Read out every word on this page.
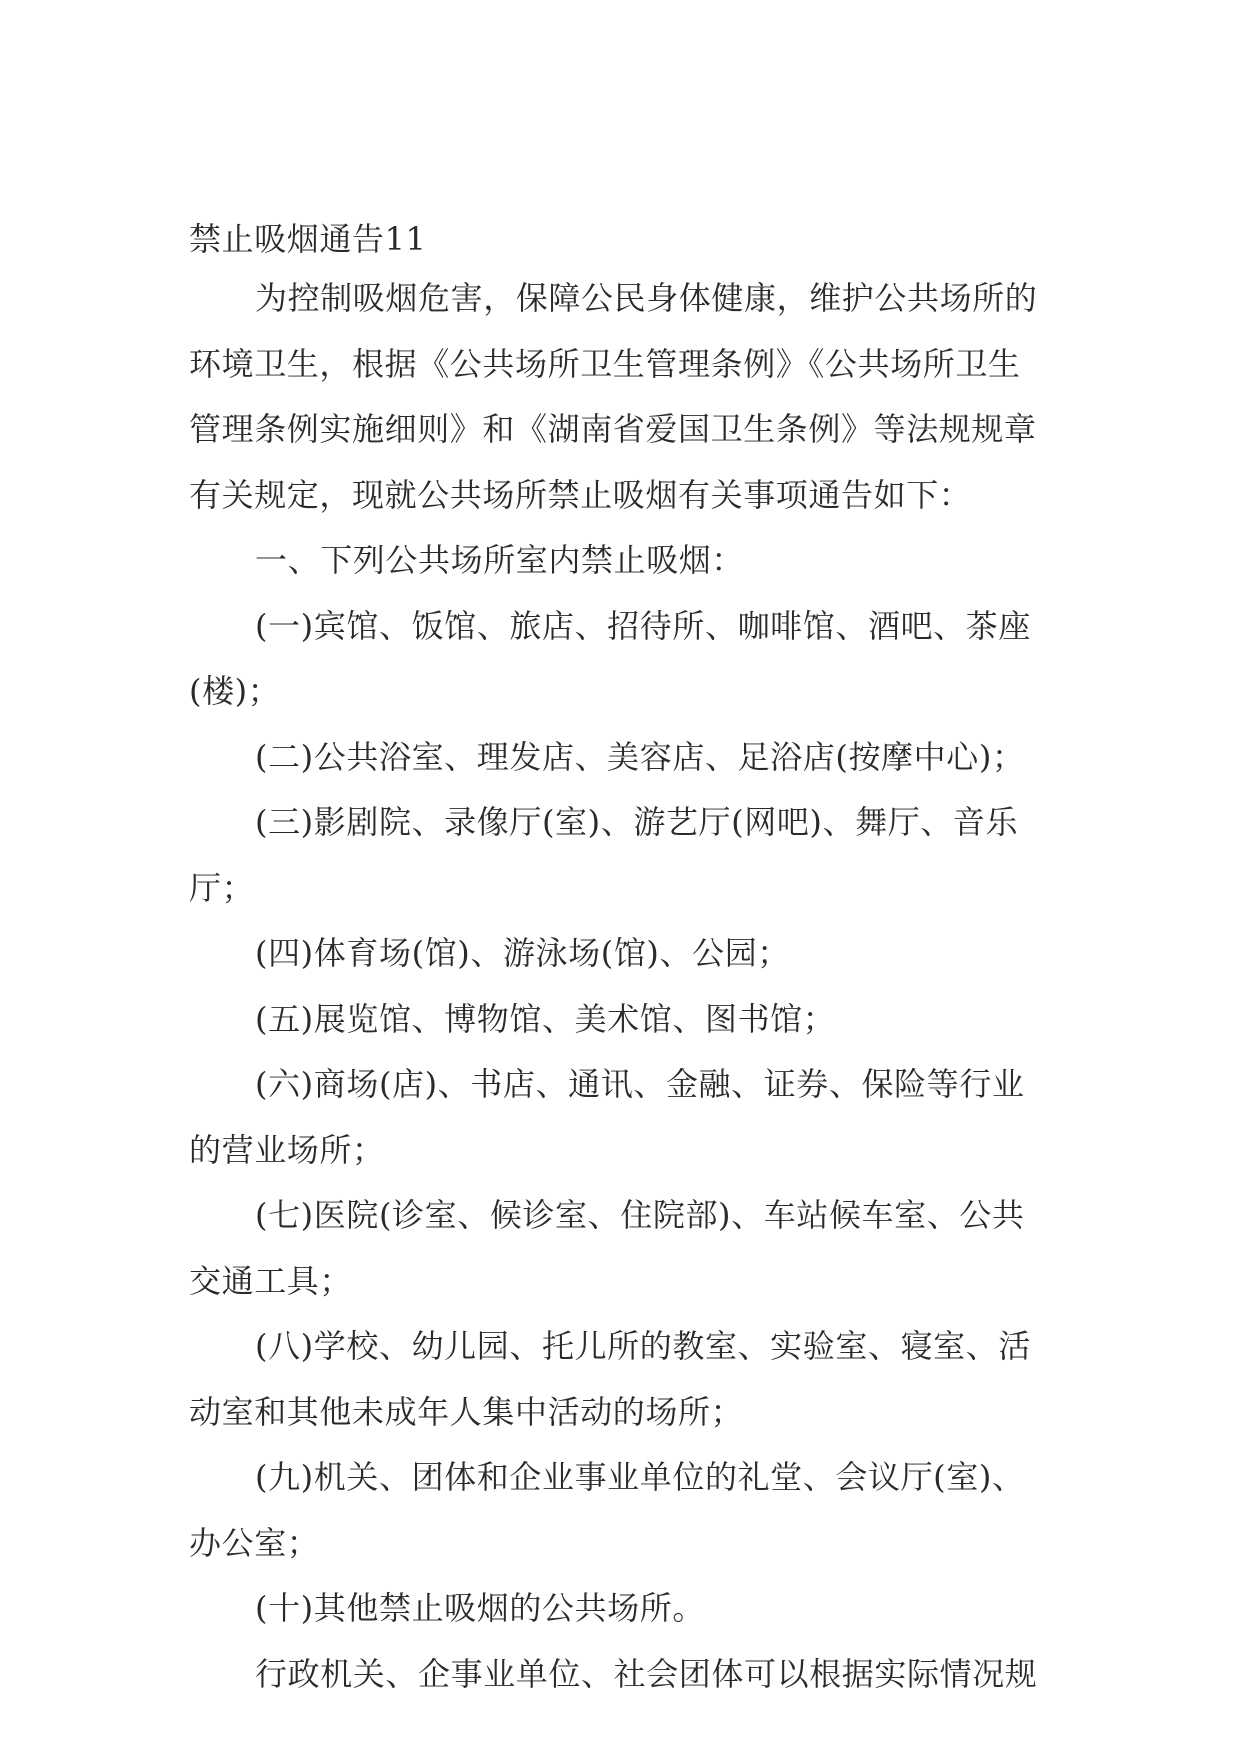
禁止吸烟通告11

为控制吸烟危害，保障公民身体健康，维护公共场所的

环境卫生，根据《公共场所卫生管理条例》《公共场所卫生

管理条例实施细则》和《湖南省爱国卫生条例》等法规规章

有关规定，现就公共场所禁止吸烟有关事项通告如下：

一、下列公共场所室内禁止吸烟：

(一)宾馆、饭馆、旅店、招待所、咖啡馆、酒吧、茶座

(楼)；

(二)公共浴室、理发店、美容店、足浴店(按摩中心)；

(三)影剧院、录像厅(室)、游艺厅(网吧)、舞厅、音乐

厅；

(四)体育场(馆)、游泳场(馆)、公园；

(五)展览馆、博物馆、美术馆、图书馆；

(六)商场(店)、书店、通讯、金融、证券、保险等行业

的营业场所；

(七)医院(诊室、候诊室、住院部)、车站候车室、公共

交通工具；

(八)学校、幼儿园、托儿所的教室、实验室、寝室、活

动室和其他未成年人集中活动的场所；

(九)机关、团体和企业事业单位的礼堂、会议厅(室)、

办公室；

(十)其他禁止吸烟的公共场所。

行政机关、企事业单位、社会团体可以根据实际情况规
